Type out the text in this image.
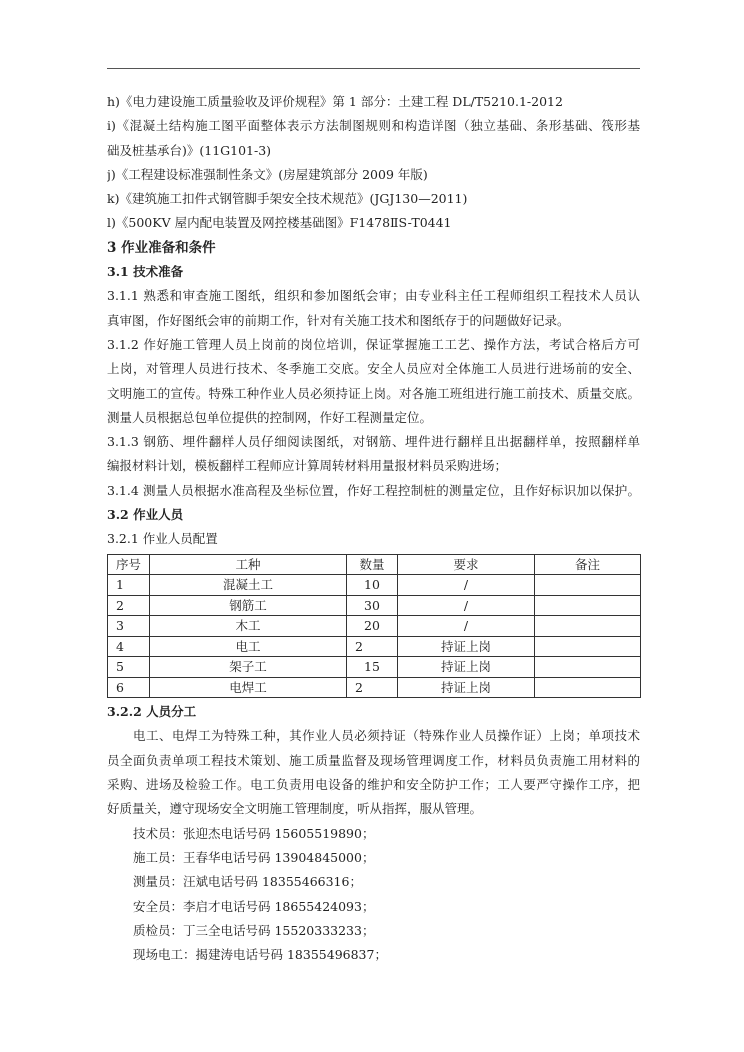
h)《电力建设施工质量验收及评价规程》第 1 部分：土建工程 DL/T5210.1-2012
i)《混凝土结构施工图平面整体表示方法制图规则和构造详图（独立基础、条形基础、筏形基
础及桩基承台)》(11G101-3)
j)《工程建设标准强制性条文》(房屋建筑部分 2009 年版)
k)《建筑施工扣件式钢管脚手架安全技术规范》(JGJ130—2011)
l)《500KV 屋内配电装置及网控楼基础图》F1478ⅡS-T0441
3 作业准备和条件
3.1 技术准备
3.1.1 熟悉和审查施工图纸，组织和参加图纸会审；由专业科主任工程师组织工程技术人员认
真审图，作好图纸会审的前期工作，针对有关施工技术和图纸存于的问题做好记录。
3.1.2 作好施工管理人员上岗前的岗位培训，保证掌握施工工艺、操作方法，考试合格后方可
上岗，对管理人员进行技术、冬季施工交底。安全人员应对全体施工人员进行进场前的安全、
文明施工的宣传。特殊工种作业人员必须持证上岗。对各施工班组进行施工前技术、质量交底。
测量人员根据总包单位提供的控制网，作好工程测量定位。
3.1.3 钢筋、埋件翻样人员仔细阅读图纸，对钢筋、埋件进行翻样且出据翻样单，按照翻样单
编报材料计划，模板翻样工程师应计算周转材料用量报材料员采购进场；
3.1.4 测量人员根据水准高程及坐标位置，作好工程控制桩的测量定位，且作好标识加以保护。
3.2 作业人员
3.2.1 作业人员配置
序号	工种	数量	要求	备注
1	混凝土工	10	/	
2	钢筋工	30	/	
3	木工	20	/	
4	电工	2	持证上岗	
5	架子工	15	持证上岗	
6	电焊工	2	持证上岗	
3.2.2 人员分工
电工、电焊工为特殊工种，其作业人员必须持证（特殊作业人员操作证）上岗；单项技术
员全面负责单项工程技术策划、施工质量监督及现场管理调度工作，材料员负责施工用材料的
采购、进场及检验工作。电工负责用电设备的维护和安全防护工作；工人要严守操作工序，把
好质量关，遵守现场安全文明施工管理制度，听从指挥，服从管理。
技术员：张迎杰电话号码 15605519890；
施工员：王春华电话号码 13904845000；
测量员：汪斌电话号码 18355466316；
安全员：李启才电话号码 18655424093；
质检员：丁三全电话号码 15520333233；
现场电工：揭建涛电话号码 18355496837；
